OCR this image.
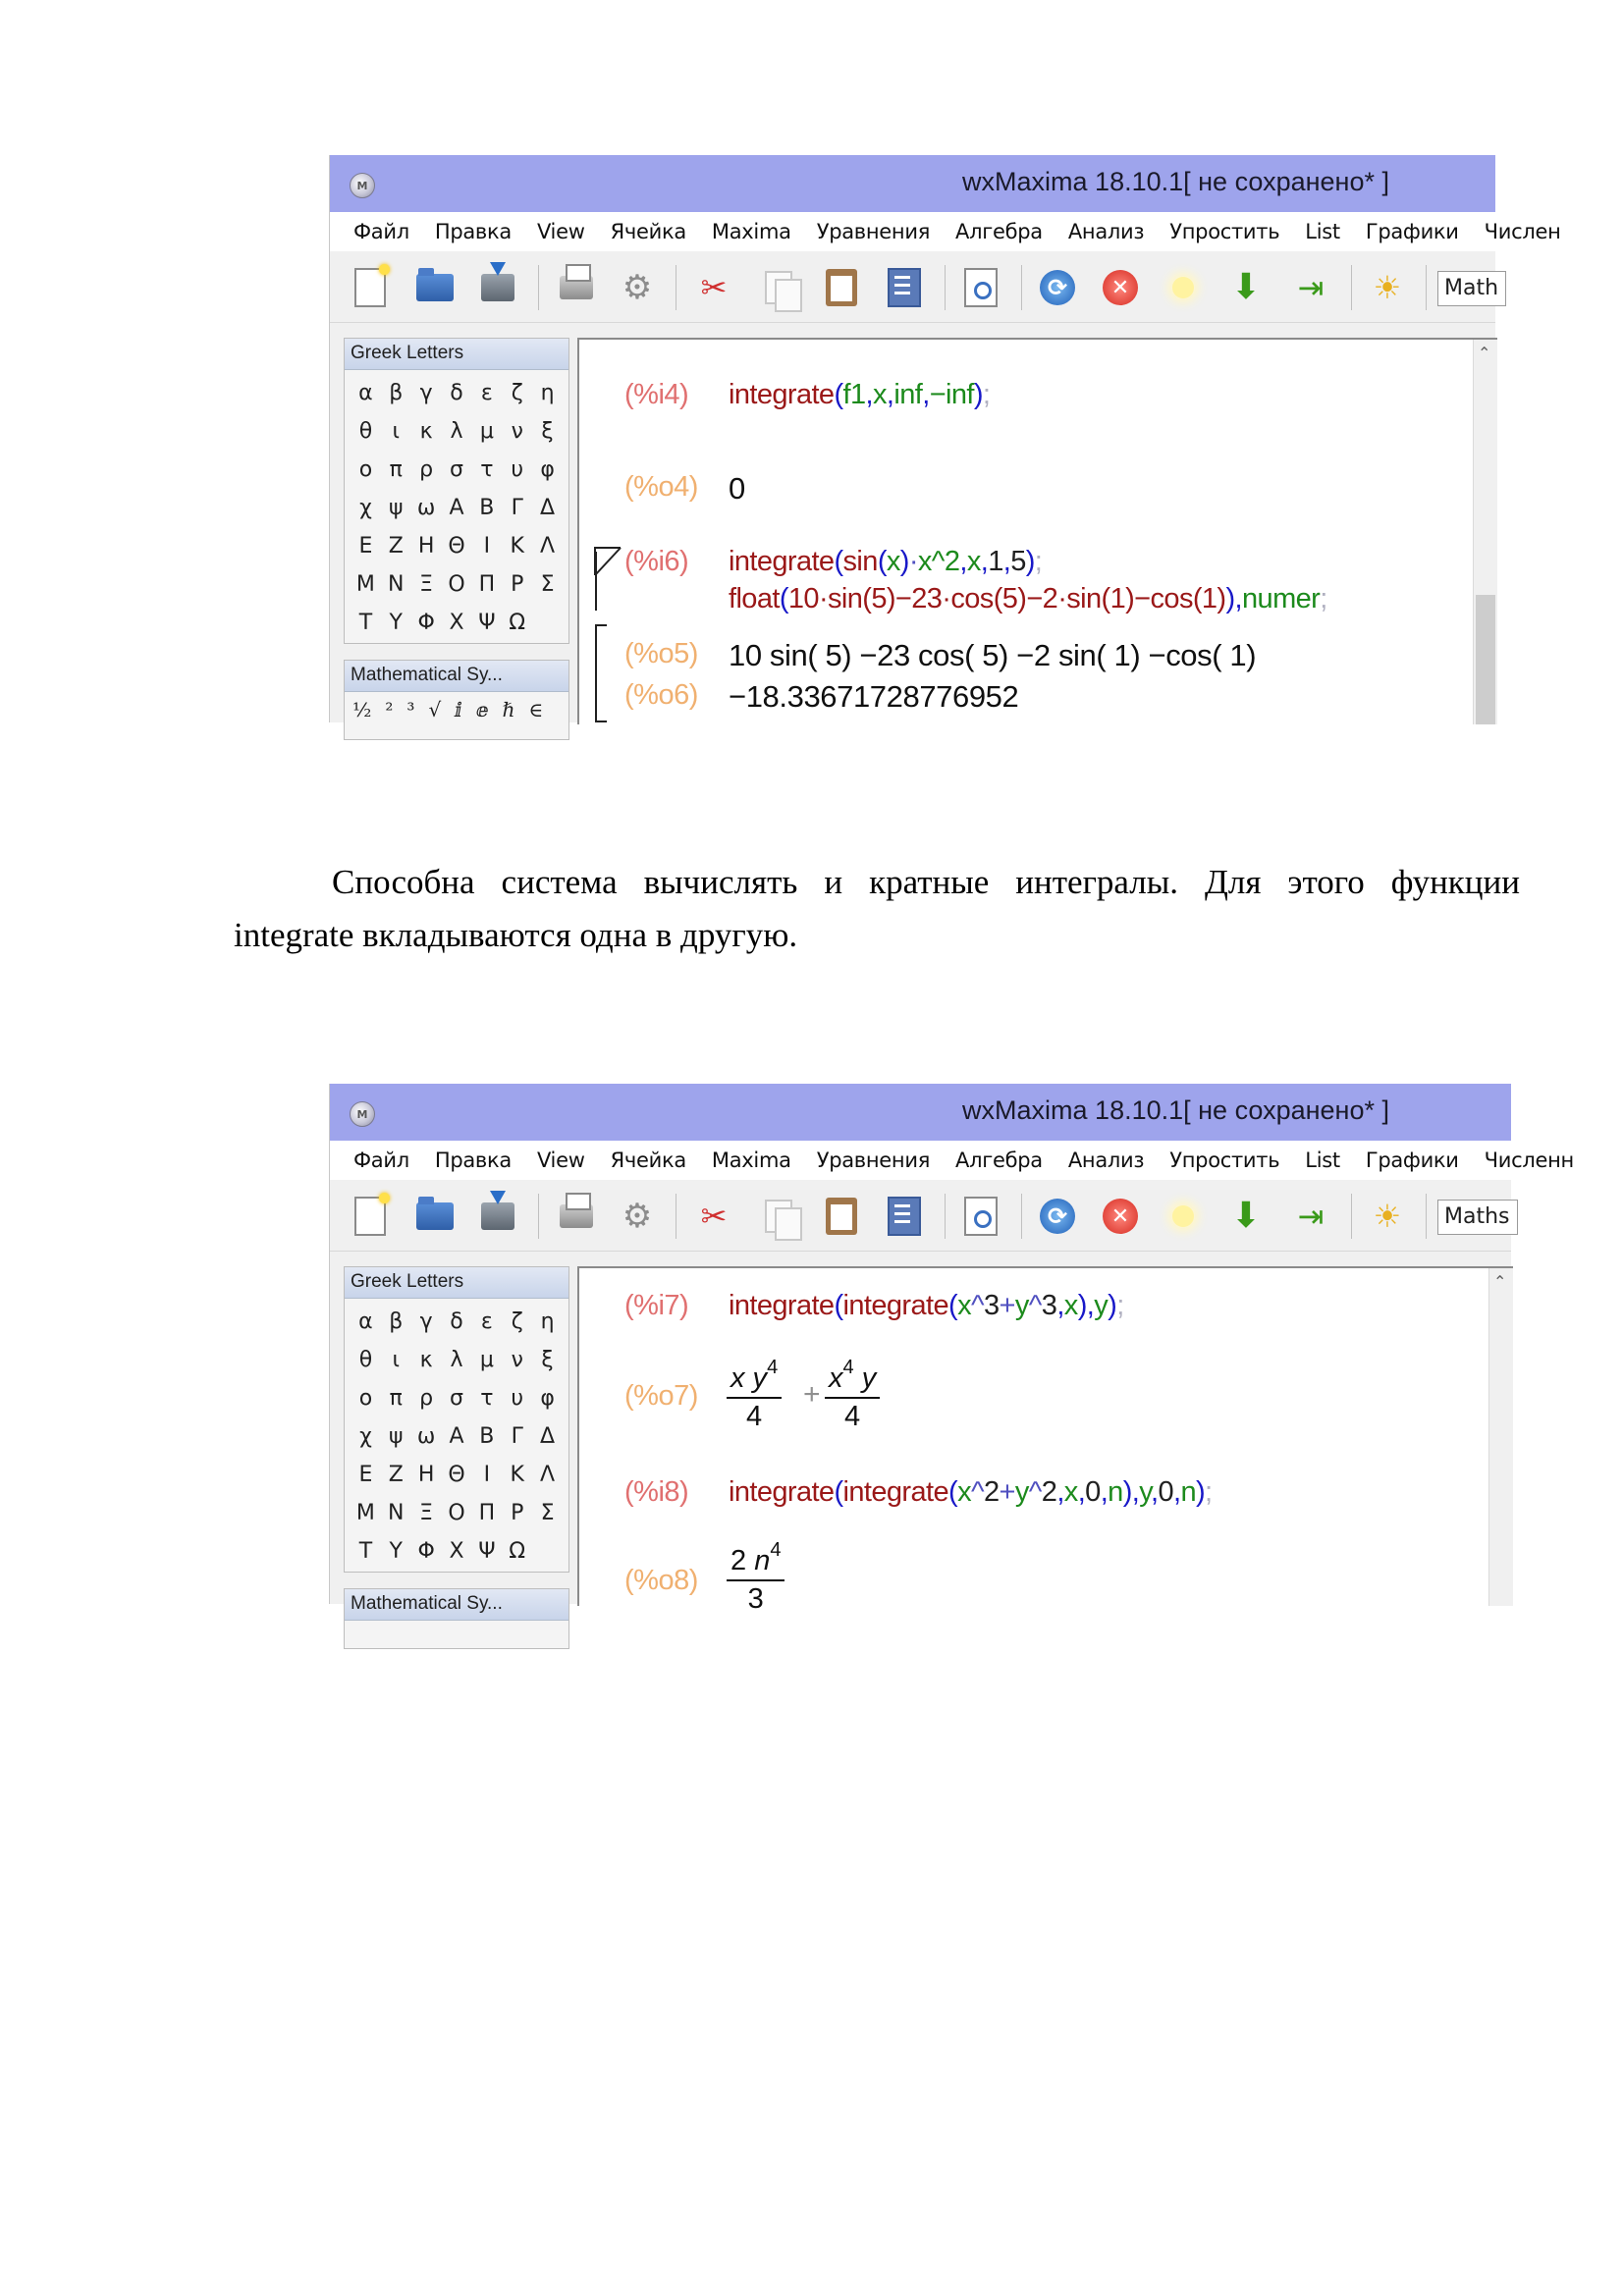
M	wxMaxima 18.10.1[ не сохранено* ]
Файл Правка View Ячейка Maxima Уравнения Алгебра Анализ Упростить List Графики Числен
⚙ ✂	⟳	✕	⬇ ⇥ ☀	Math
Greek Letters
α β γ δ ε ζ η
θ ι κ λ μ ν ξ
ο π ρ σ τ υ φ
χ ψ ω Α Β Γ Δ
Ε Ζ Η Θ Ι Κ Λ
Μ Ν Ξ Ο Π Ρ Σ
Τ Υ Φ Χ Ψ Ω
Mathematical Sy...
½ ² ³ √ ⅈ ⅇ ℏ ∈
⌃
(%i4) integrate(f1,x,inf,−inf);
(%o4) 0
(%i6) integrate(sin(x)·x^2,x,1,5);
float(10·sin(5)−23·cos(5)−2·sin(1)−cos(1)),numer;
(%o5) 10 sin( 5) −23 cos( 5) −2 sin( 1) −cos( 1)
(%o6) −18.33671728776952
Способна система вычислять и кратные интегралы. Для этого функции
integrate вкладываются одна в другую.
M	wxMaxima 18.10.1[ не сохранено* ]
Файл Правка View Ячейка Maxima Уравнения Алгебра Анализ Упростить List Графики Численн
⚙ ✂	⟳	✕	⬇ ⇥ ☀	Maths
Greek Letters
α β γ δ ε ζ η
θ ι κ λ μ ν ξ
ο π ρ σ τ υ φ
χ ψ ω Α Β Γ Δ
Ε Ζ Η Θ Ι Κ Λ
Μ Ν Ξ Ο Π Ρ Σ
Τ Υ Φ Χ Ψ Ω
Mathematical Sy...
⌃
(%i7) integrate(integrate(x^3+y^3,x),y);
(%o7)
x $y^4$
4
+ $x^4$ y
4
(%i8) integrate(integrate(x^2+y^2,x,0,n),y,0,n);
(%o8)
2 $n^4$
3
